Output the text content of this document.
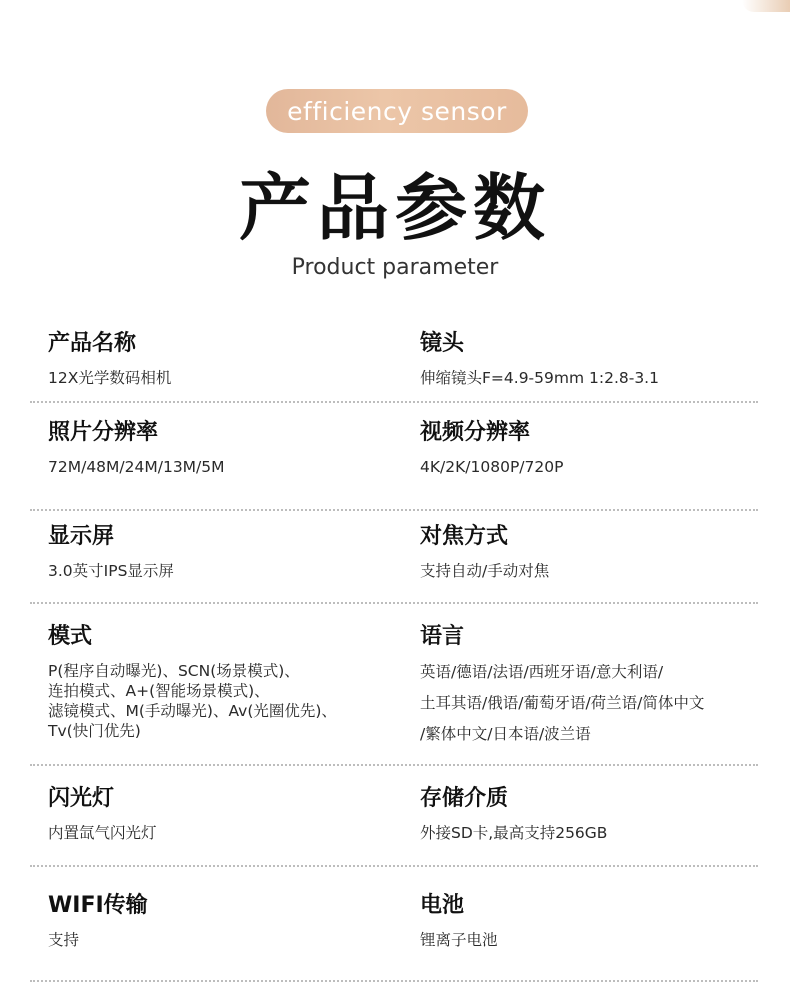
efficiency sensor
产品参数
Product parameter
产品名称
12X光学数码相机
镜头
伸缩镜头F=4.9-59mm 1:2.8-3.1
照片分辨率
72M/48M/24M/13M/5M
视频分辨率
4K/2K/1080P/720P
显示屏
3.0英寸IPS显示屏
对焦方式
支持自动/手动对焦
模式
P(程序自动曝光)、SCN(场景模式)、
连拍模式、A+(智能场景模式)、
滤镜模式、M(手动曝光)、Av(光圈优先)、
Tv(快门优先)
语言
英语/德语/法语/西班牙语/意大利语/
土耳其语/俄语/葡萄牙语/荷兰语/简体中文
/繁体中文/日本语/波兰语
闪光灯
内置氙气闪光灯
存储介质
外接SD卡,最高支持256GB
WIFI传输
支持
电池
锂离子电池
